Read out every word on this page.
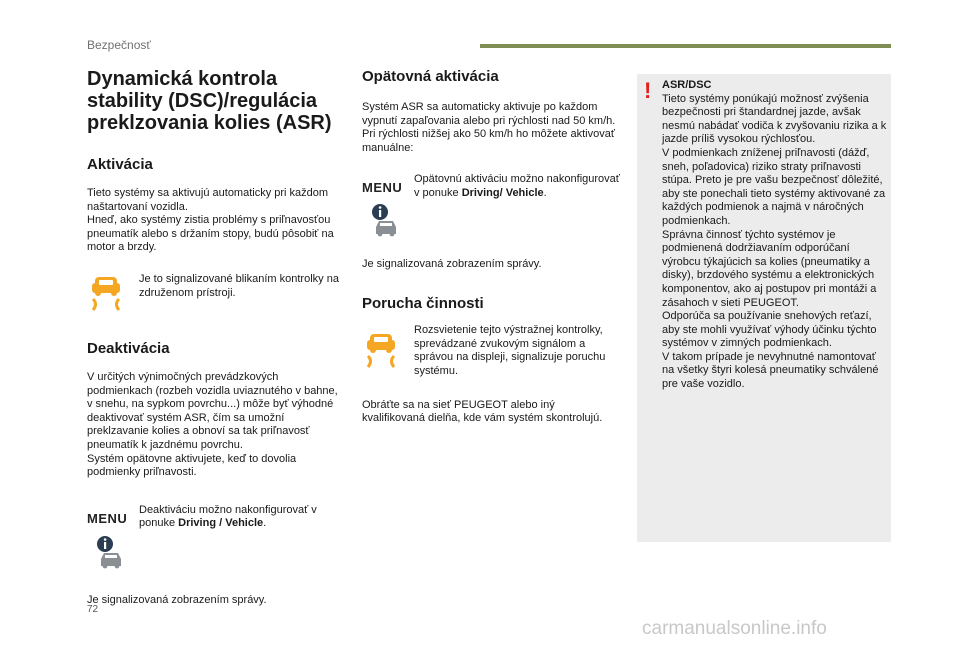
Bezpečnosť
Dynamická kontrola stability (DSC)/regulácia preklzovania kolies (ASR)
Aktivácia

Tieto systémy sa aktivujú automaticky pri každom naštartovaní vozidla.
Hneď, ako systémy zistia problémy s priľnavosťou pneumatík alebo s držaním stopy, budú pôsobiť na motor a brzdy.

Je to signalizované blikaním kontrolky na združenom prístroji.

Deaktivácia

V určitých výnimočných prevádzkových podmienkach (rozbeh vozidla uviaznutého v bahne, v snehu, na sypkom povrchu...) môže byť výhodné deaktivovať systém ASR, čím sa umožní preklzavanie kolies a obnoví sa tak priľnavosť pneumatík k jazdnému povrchu.
Systém opätovne aktivujete, keď to dovolia podmienky priľnavosti.

MENU

Deaktiváciu možno nakonfigurovať v ponuke Driving / Vehicle.

Je signalizovaná zobrazením správy.

Opätovná aktivácia

Systém ASR sa automaticky aktivuje po každom vypnutí zapaľovania alebo pri rýchlosti nad 50 km/h.
Pri rýchlosti nižšej ako 50 km/h ho môžete aktivovať manuálne:

MENU

Opätovnú aktiváciu možno nakonfigurovať v ponuke Driving/ Vehicle.

Je signalizovaná zobrazením správy.

Porucha činnosti

Rozsvietenie tejto výstražnej kontrolky, sprevádzané zvukovým signálom a správou na displeji, signalizuje poruchu systému.

Obráťte sa na sieť PEUGEOT alebo iný kvalifikovaná dielňa, kde vám systém skontrolujú.

! ASR/DSC
Tieto systémy ponúkajú možnosť zvýšenia bezpečnosti pri štandardnej jazde, avšak nesmú nabádať vodiča k zvyšovaniu rizika a k jazde príliš vysokou rýchlosťou.
V podmienkach zníženej priľnavosti (dážď, sneh, poľadovica) riziko straty priľnavosti stúpa. Preto je pre vašu bezpečnosť dôležité, aby ste ponechali tieto systémy aktivované za každých podmienok a najmä v náročných podmienkach.
Správna činnosť týchto systémov je podmienená dodržiavaním odporúčaní výrobcu týkajúcich sa kolies (pneumatiky a disky), brzdového systému a elektronických komponentov, ako aj postupov pri montáži a zásahoch v sieti PEUGEOT.
Odporúča sa používanie snehových reťazí, aby ste mohli využívať výhody účinku týchto systémov v zimných podmienkach.
V takom prípade je nevyhnutné namontovať na všetky štyri kolesá pneumatiky schválené pre vaše vozidlo.
72
carmanualsonline.info
